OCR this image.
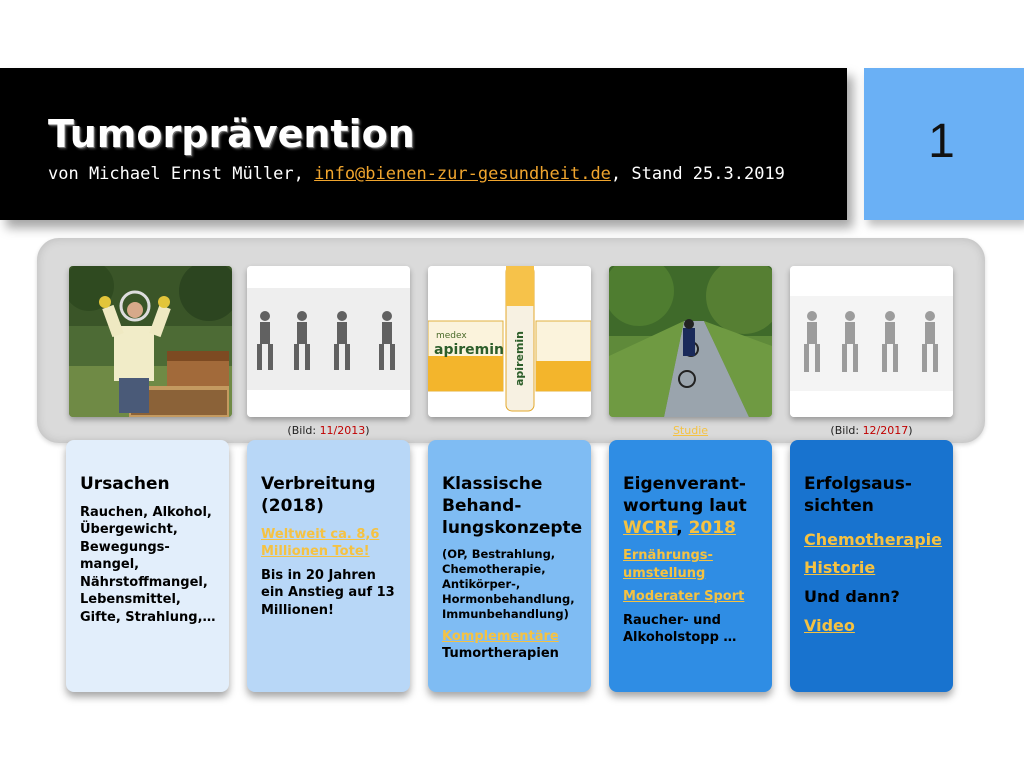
Tumorprävention
von Michael Ernst Müller, info@bienen-zur-gesundheit.de, Stand 25.3.2019
1
(Bild: 11/2013)	Studie	(Bild: 12/2017)
medex
apiremin apiremin
Ursachen

Rauchen, Alkohol, Übergewicht, Bewegungs-mangel, Nährstoffmangel, Lebensmittel, Gifte, Strahlung,…

Verbreitung (2018)

Weltweit ca. 8,6 Millionen Tote!

Bis in 20 Jahren ein Anstieg auf 13 Millionen!

Klassische Behand-lungskonzepte

(OP, Bestrahlung, Chemotherapie, Antikörper-, Hormonbehandlung, Immunbehandlung)

Komplementäre
Tumortherapien

Eigenverant-wortung laut WCRF, 2018

Ernährungs-umstellung

Moderater Sport

Raucher- und Alkoholstopp …

Erfolgsaus-sichten
Chemotherapie
Historie
Und dann?
Video
